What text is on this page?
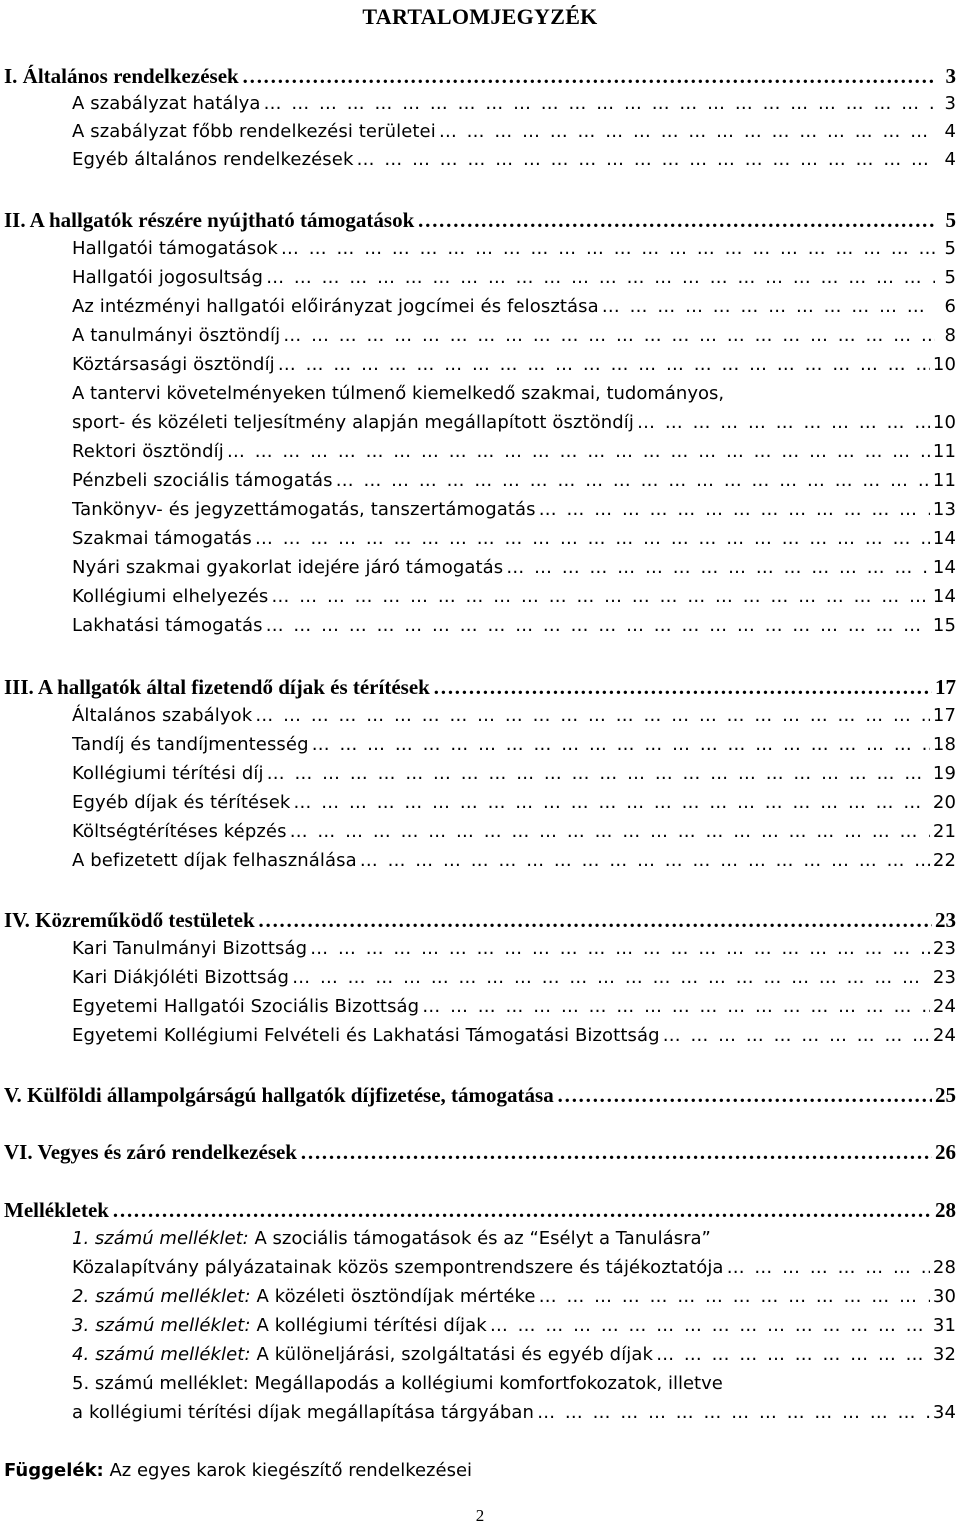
TARTALOMJEGYZÉK
I. Általános rendelkezések ……………………………………………………………………………………………………………………………………………………………………	3
A szabályzat hatálya … … … … … … … … … … … … … … … … … … … … … … … … … … … … … … … … … … … … … … … … … … … … … … … … … … …	3
A szabályzat főbb rendelkezési területei … … … … … … … … … … … … … … … … … … … … … … … … … … … … … … … … … … … … … … … … … … … … … … … … … … …	4
Egyéb általános rendelkezések … … … … … … … … … … … … … … … … … … … … … … … … … … … … … … … … … … … … … … … … … … … … … … … … … … …	4
II. A hallgatók részére nyújtható támogatások ……………………………………………………………………………………………………………………………………………………………………	5
Hallgatói támogatások … … … … … … … … … … … … … … … … … … … … … … … … … … … … … … … … … … … … … … … … … … … … … … … … … … …	5
Hallgatói jogosultság … … … … … … … … … … … … … … … … … … … … … … … … … … … … … … … … … … … … … … … … … … … … … … … … … … …	5
Az intézményi hallgatói előirányzat jogcímei és felosztása … … … … … … … … … … … … … … … … … … … … … … … … … … … … … … … … … … … … … … … … … … … … … … … … … … …	6
A tanulmányi ösztöndíj … … … … … … … … … … … … … … … … … … … … … … … … … … … … … … … … … … … … … … … … … … … … … … … … … … …	8
Köztársasági ösztöndíj … … … … … … … … … … … … … … … … … … … … … … … … … … … … … … … … … … … … … … … … … … … … … … … … … … …	10
A tantervi követelményeken túlmenő kiemelkedő szakmai, tudományos,
sport- és közéleti teljesítmény alapján megállapított ösztöndíj … … … … … … … … … … … … … … … … … … … … … … … … … … … … … … … … … … … … … … … … … … … … … … … … … … …	10
Rektori ösztöndíj … … … … … … … … … … … … … … … … … … … … … … … … … … … … … … … … … … … … … … … … … … … … … … … … … … …	11
Pénzbeli szociális támogatás … … … … … … … … … … … … … … … … … … … … … … … … … … … … … … … … … … … … … … … … … … … … … … … … … … …	11
Tankönyv- és jegyzettámogatás, tanszertámogatás … … … … … … … … … … … … … … … … … … … … … … … … … … … … … … … … … … … … … … … … … … … … … … … … … … …	13
Szakmai támogatás … … … … … … … … … … … … … … … … … … … … … … … … … … … … … … … … … … … … … … … … … … … … … … … … … … …	14
Nyári szakmai gyakorlat idejére járó támogatás … … … … … … … … … … … … … … … … … … … … … … … … … … … … … … … … … … … … … … … … … … … … … … … … … … …	14
Kollégiumi elhelyezés … … … … … … … … … … … … … … … … … … … … … … … … … … … … … … … … … … … … … … … … … … … … … … … … … … …	14
Lakhatási támogatás … … … … … … … … … … … … … … … … … … … … … … … … … … … … … … … … … … … … … … … … … … … … … … … … … … …	15
III. A hallgatók által fizetendő díjak és térítések ……………………………………………………………………………………………………………………………………………………………………	17
Általános szabályok … … … … … … … … … … … … … … … … … … … … … … … … … … … … … … … … … … … … … … … … … … … … … … … … … … …	17
Tandíj és tandíjmentesség … … … … … … … … … … … … … … … … … … … … … … … … … … … … … … … … … … … … … … … … … … … … … … … … … … …	18
Kollégiumi térítési díj … … … … … … … … … … … … … … … … … … … … … … … … … … … … … … … … … … … … … … … … … … … … … … … … … … …	19
Egyéb díjak és térítések … … … … … … … … … … … … … … … … … … … … … … … … … … … … … … … … … … … … … … … … … … … … … … … … … … …	20
Költségtérítéses képzés … … … … … … … … … … … … … … … … … … … … … … … … … … … … … … … … … … … … … … … … … … … … … … … … … … …	21
A befizetett díjak felhasználása … … … … … … … … … … … … … … … … … … … … … … … … … … … … … … … … … … … … … … … … … … … … … … … … … … …	22
IV. Közreműködő testületek ……………………………………………………………………………………………………………………………………………………………………	23
Kari Tanulmányi Bizottság … … … … … … … … … … … … … … … … … … … … … … … … … … … … … … … … … … … … … … … … … … … … … … … … … … …	23
Kari Diákjóléti Bizottság … … … … … … … … … … … … … … … … … … … … … … … … … … … … … … … … … … … … … … … … … … … … … … … … … … …	23
Egyetemi Hallgatói Szociális Bizottság … … … … … … … … … … … … … … … … … … … … … … … … … … … … … … … … … … … … … … … … … … … … … … … … … … …	24
Egyetemi Kollégiumi Felvételi és Lakhatási Támogatási Bizottság … … … … … … … … … … … … … … … … … … … … … … … … … … … … … … … … … … … … … … … … … … … … … … … … … … …	24
V. Külföldi állampolgárságú hallgatók díjfizetése, támogatása ……………………………………………………………………………………………………………………………………………………………………	25
VI. Vegyes és záró rendelkezések ……………………………………………………………………………………………………………………………………………………………………	26
Mellékletek ……………………………………………………………………………………………………………………………………………………………………	28
1. számú melléklet: A szociális támogatások és az “Esélyt a Tanulásra”
Közalapítvány pályázatainak közös szempontrendszere és tájékoztatója … … … … … … … … … … … … … … … … … … … … … … … … … … … … … … … … … … … … … … … … … … … … … … … … … … …	28
2. számú melléklet: A közéleti ösztöndíjak mértéke … … … … … … … … … … … … … … … … … … … … … … … … … … … … … … … … … … … … … … … … … … … … … … … … … … …	30
3. számú melléklet: A kollégiumi térítési díjak … … … … … … … … … … … … … … … … … … … … … … … … … … … … … … … … … … … … … … … … … … … … … … … … … … …	31
4. számú melléklet: A különeljárási, szolgáltatási és egyéb díjak … … … … … … … … … … … … … … … … … … … … … … … … … … … … … … … … … … … … … … … … … … … … … … … … … … …	32
5. számú melléklet: Megállapodás a kollégiumi komfortfokozatok, illetve
a kollégiumi térítési díjak megállapítása tárgyában … … … … … … … … … … … … … … … … … … … … … … … … … … … … … … … … … … … … … … … … … … … … … … … … … … …	34
Függelék: Az egyes karok kiegészítő rendelkezései
2
